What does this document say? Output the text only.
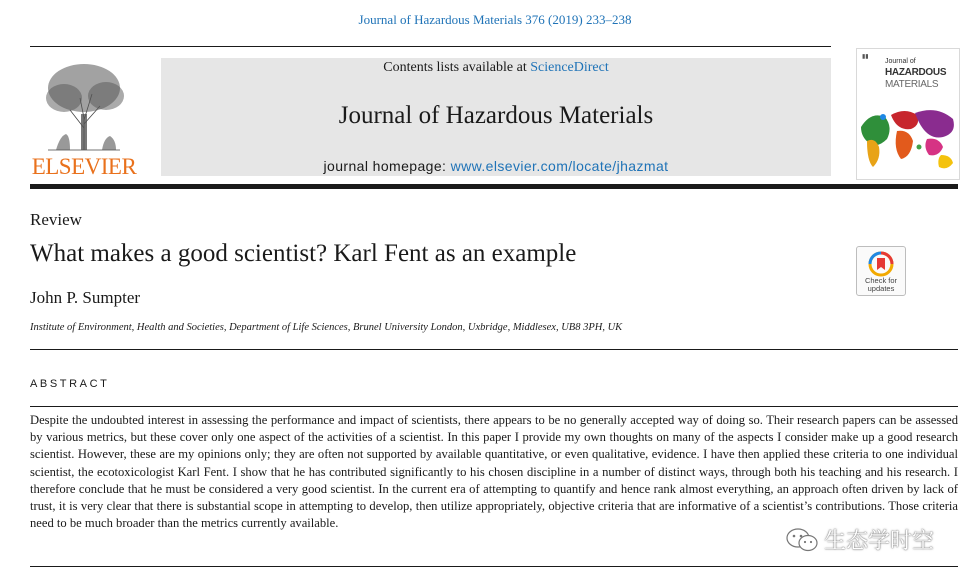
Journal of Hazardous Materials 376 (2019) 233–238
ELSEVIER
Contents lists available at ScienceDirect
Journal of Hazardous Materials
journal homepage: www.elsevier.com/locate/jhazmat
▮▮
Journal of
HAZARDOUS
MATERIALS
Review
What makes a good scientist? Karl Fent as an example
John P. Sumpter
Institute of Environment, Health and Societies, Department of Life Sciences, Brunel University London, Uxbridge, Middlesex, UB8 3PH, UK
Check for
updates
ABSTRACT

Despite the undoubted interest in assessing the performance and impact of scientists, there appears to be no generally accepted way of doing so. Their research papers can be assessed by various metrics, but these cover only one aspect of the activities of a scientist. In this paper I provide my own thoughts on many of the aspects I consider make up a good research scientist. However, these are my opinions only; they are often not supported by available quantitative, or even qualitative, evidence. I have then applied these criteria to one individual scientist, the ecotoxicologist Karl Fent. I show that he has contributed significantly to his chosen discipline in a number of distinct ways, through both his teaching and his research. I therefore conclude that he must be considered a very good scientist. In the current era of attempting to quantify and hence rank almost everything, an approach often driven by lack of trust, it is very clear that there is substantial scope in attempting to develop, then utilize appropriately, objective criteria that are informative of a scientist’s contributions. Those criteria need to be much broader than the metrics currently available.

生态学时空
